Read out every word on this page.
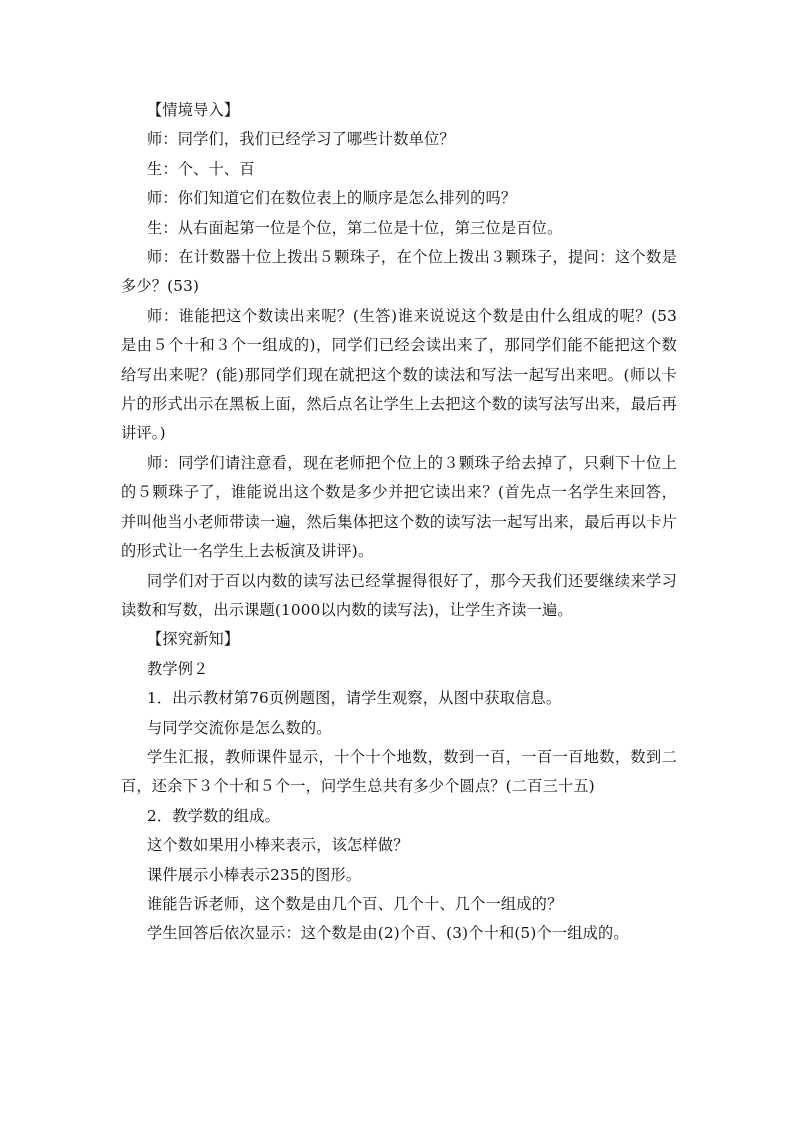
【情境导入】

师：同学们，我们已经学习了哪些计数单位？

生：个、十、百

师：你们知道它们在数位表上的顺序是怎么排列的吗？

生：从右面起第一位是个位，第二位是十位，第三位是百位。

师：在计数器十位上拨出５颗珠子，在个位上拨出３颗珠子，提问：这个数是多少？(53)

师：谁能把这个数读出来呢？(生答)谁来说说这个数是由什么组成的呢？(53是由５个十和３个一组成的)，同学们已经会读出来了，那同学们能不能把这个数给写出来呢？(能)那同学们现在就把这个数的读法和写法一起写出来吧。(师以卡片的形式出示在黑板上面，然后点名让学生上去把这个数的读写法写出来，最后再讲评。)

师：同学们请注意看，现在老师把个位上的３颗珠子给去掉了，只剩下十位上的５颗珠子了，谁能说出这个数是多少并把它读出来？(首先点一名学生来回答，并叫他当小老师带读一遍，然后集体把这个数的读写法一起写出来，最后再以卡片的形式让一名学生上去板演及讲评)。

同学们对于百以内数的读写法已经掌握得很好了，那今天我们还要继续来学习读数和写数，出示课题(1000以内数的读写法)，让学生齐读一遍。

【探究新知】

教学例２

1．出示教材第76页例题图，请学生观察，从图中获取信息。

与同学交流你是怎么数的。

学生汇报，教师课件显示，十个十个地数，数到一百，一百一百地数，数到二百，还余下３个十和５个一，问学生总共有多少个圆点？(二百三十五)

2．教学数的组成。

这个数如果用小棒来表示，该怎样做？

课件展示小棒表示235的图形。

谁能告诉老师，这个数是由几个百、几个十、几个一组成的？

学生回答后依次显示：这个数是由(2)个百、(3)个十和(5)个一组成的。
